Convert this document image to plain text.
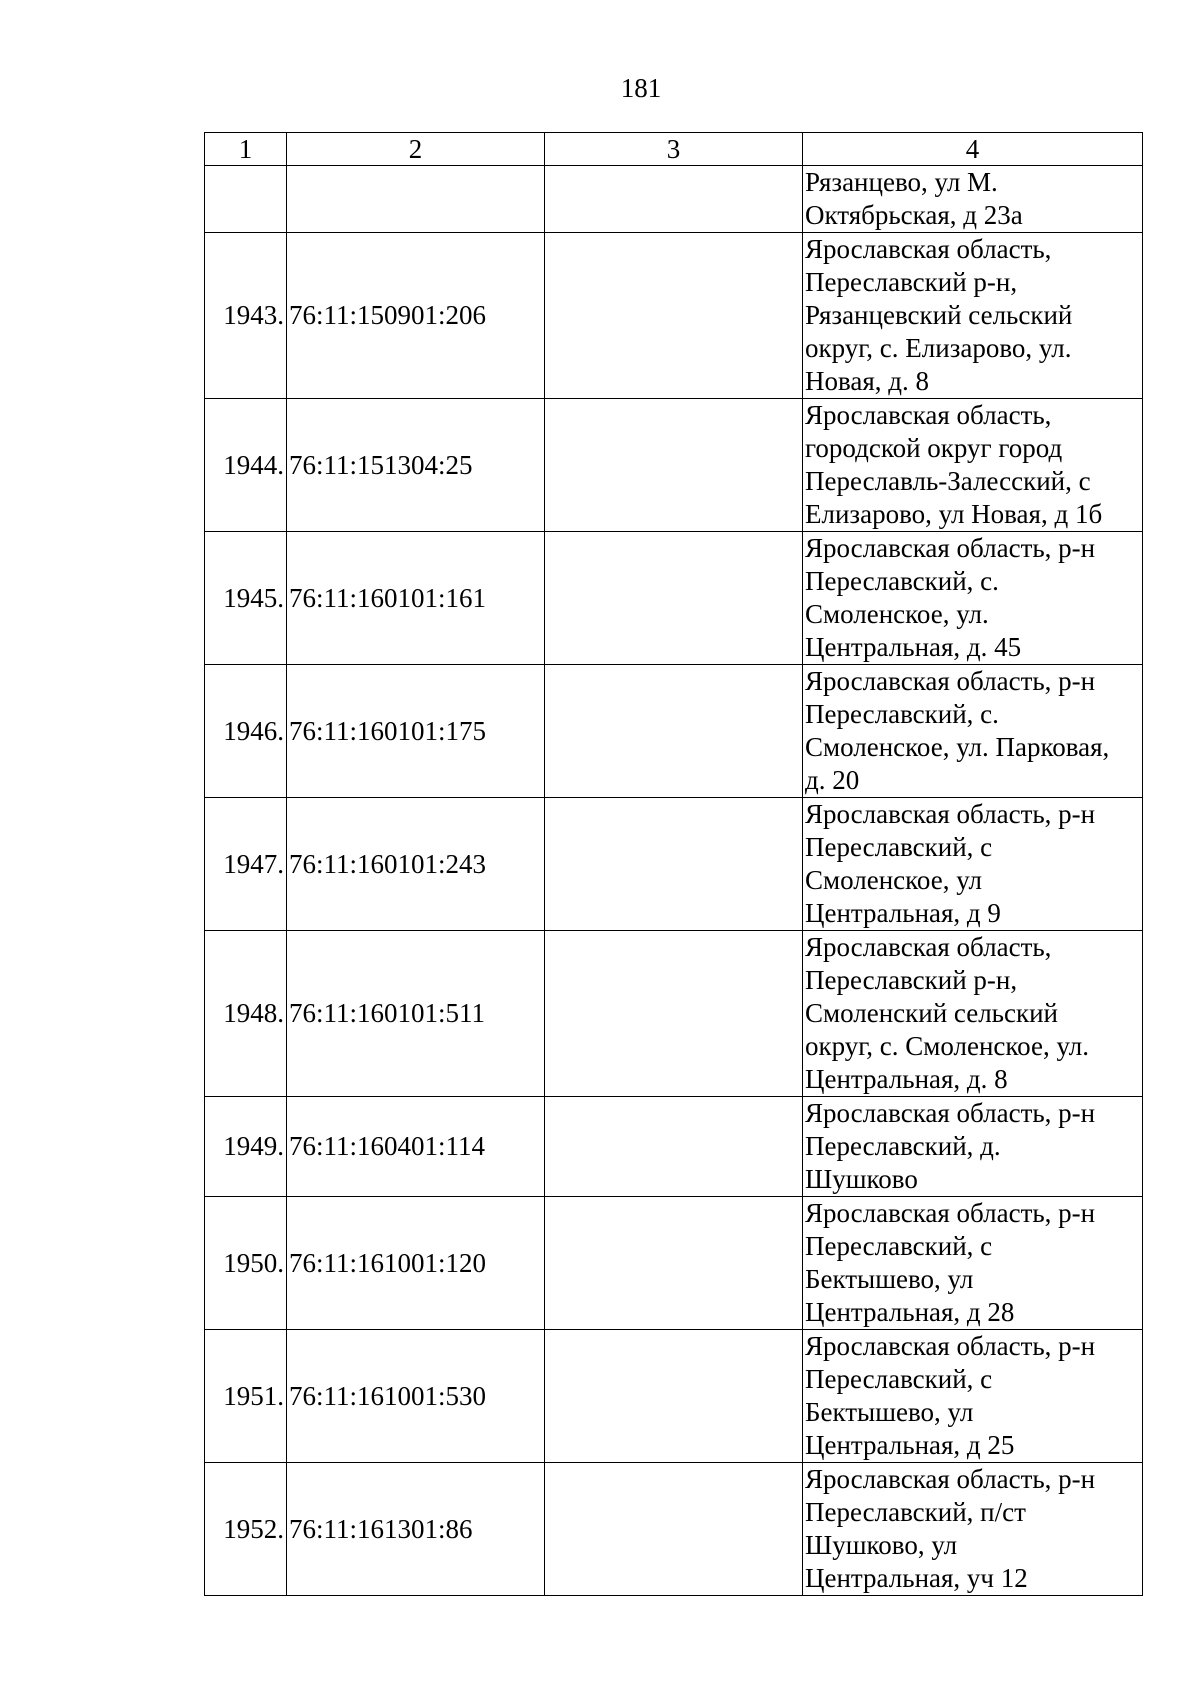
181
1	2	3	4

			Рязанцево, ул М.
Октябрьская, д 23а

1943.	76:11:150901:206		Ярославская область,
Переславский р-н,
Рязанцевский сельский
округ, с. Елизарово, ул.
Новая, д. 8

1944.	76:11:151304:25		Ярославская область,
городской округ город
Переславль-Залесский, с
Елизарово, ул Новая, д 1б

1945.	76:11:160101:161		Ярославская область, р-н
Переславский, с.
Смоленское, ул.
Центральная, д. 45

1946.	76:11:160101:175		Ярославская область, р-н
Переславский, с.
Смоленское, ул. Парковая,
д. 20

1947.	76:11:160101:243		Ярославская область, р-н
Переславский, с
Смоленское, ул
Центральная, д 9

1948.	76:11:160101:511		Ярославская область,
Переславский р-н,
Смоленский сельский
округ, с. Смоленское, ул.
Центральная, д. 8

1949.	76:11:160401:114		Ярославская область, р-н
Переславский, д.
Шушково

1950.	76:11:161001:120		Ярославская область, р-н
Переславский, с
Бектышево, ул
Центральная, д 28

1951.	76:11:161001:530		Ярославская область, р-н
Переславский, с
Бектышево, ул
Центральная, д 25

1952.	76:11:161301:86		Ярославская область, р-н
Переславский, п/ст
Шушково, ул
Центральная, уч 12
